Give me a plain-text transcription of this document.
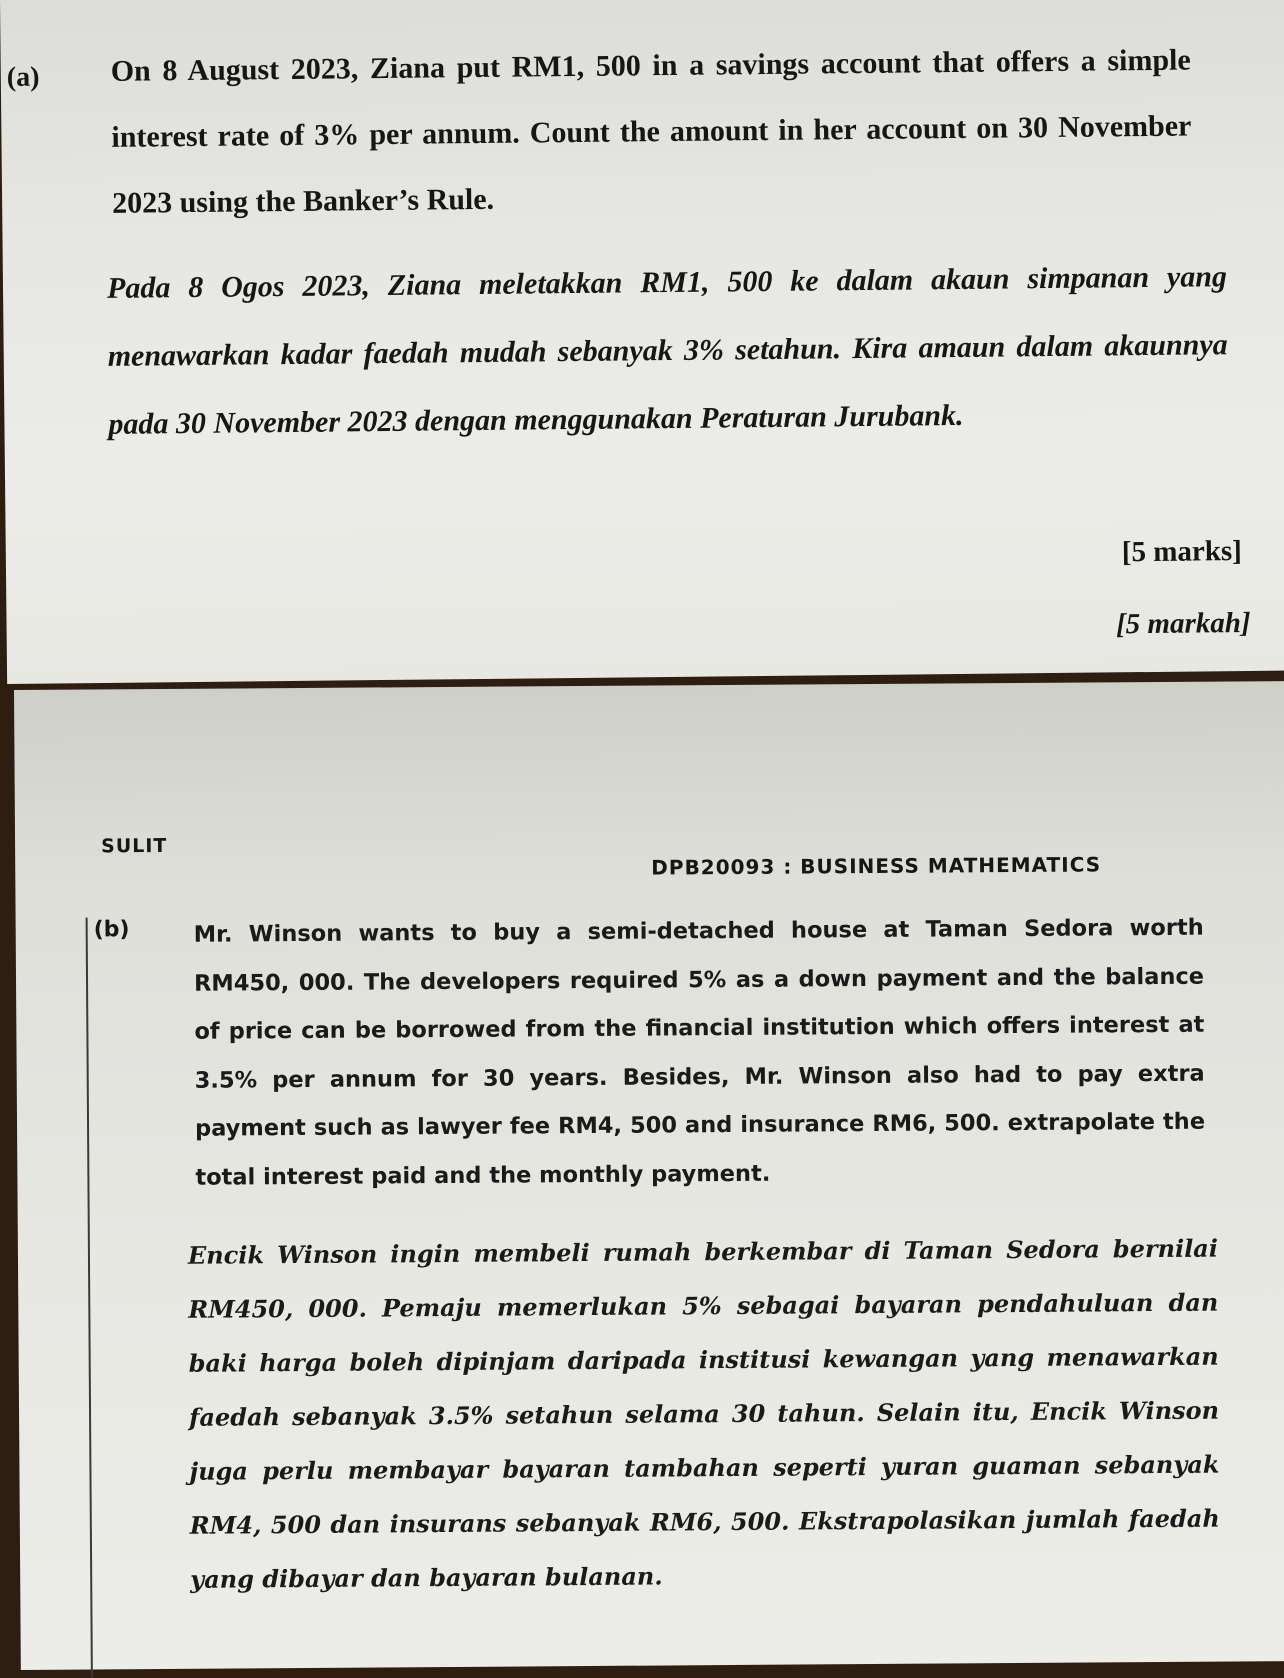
(a) On 8 August 2023, Ziana put RM1, 500 in a savings account that offers a simple interest rate of 3% per annum. Count the amount in her account on 30 November 2023 using the Banker’s Rule.

Pada 8 Ogos 2023, Ziana meletakkan RM1, 500 ke dalam akaun simpanan yang menawarkan kadar faedah mudah sebanyak 3% setahun. Kira amaun dalam akaunnya pada 30 November 2023 dengan menggunakan Peraturan Jurubank.

[5 marks]
[5 markah]
SULIT
DPB20093 : BUSINESS MATHEMATICS
(b)	Mr. Winson wants to buy a semi-detached house at Taman Sedora worth RM450, 000. The developers required 5% as a down payment and the balance of price can be borrowed from the financial institution which offers interest at 3.5% per annum for 30 years. Besides, Mr. Winson also had to pay extra payment such as lawyer fee RM4, 500 and insurance RM6, 500. extrapolate the total interest paid and the monthly payment.

Encik Winson ingin membeli rumah berkembar di Taman Sedora bernilai RM450, 000. Pemaju memerlukan 5% sebagai bayaran pendahuluan dan baki harga boleh dipinjam daripada institusi kewangan yang menawarkan faedah sebanyak 3.5% setahun selama 30 tahun. Selain itu, Encik Winson juga perlu membayar bayaran tambahan seperti yuran guaman sebanyak RM4, 500 dan insurans sebanyak RM6, 500. Ekstrapolasikan jumlah faedah yang dibayar dan bayaran bulanan.
